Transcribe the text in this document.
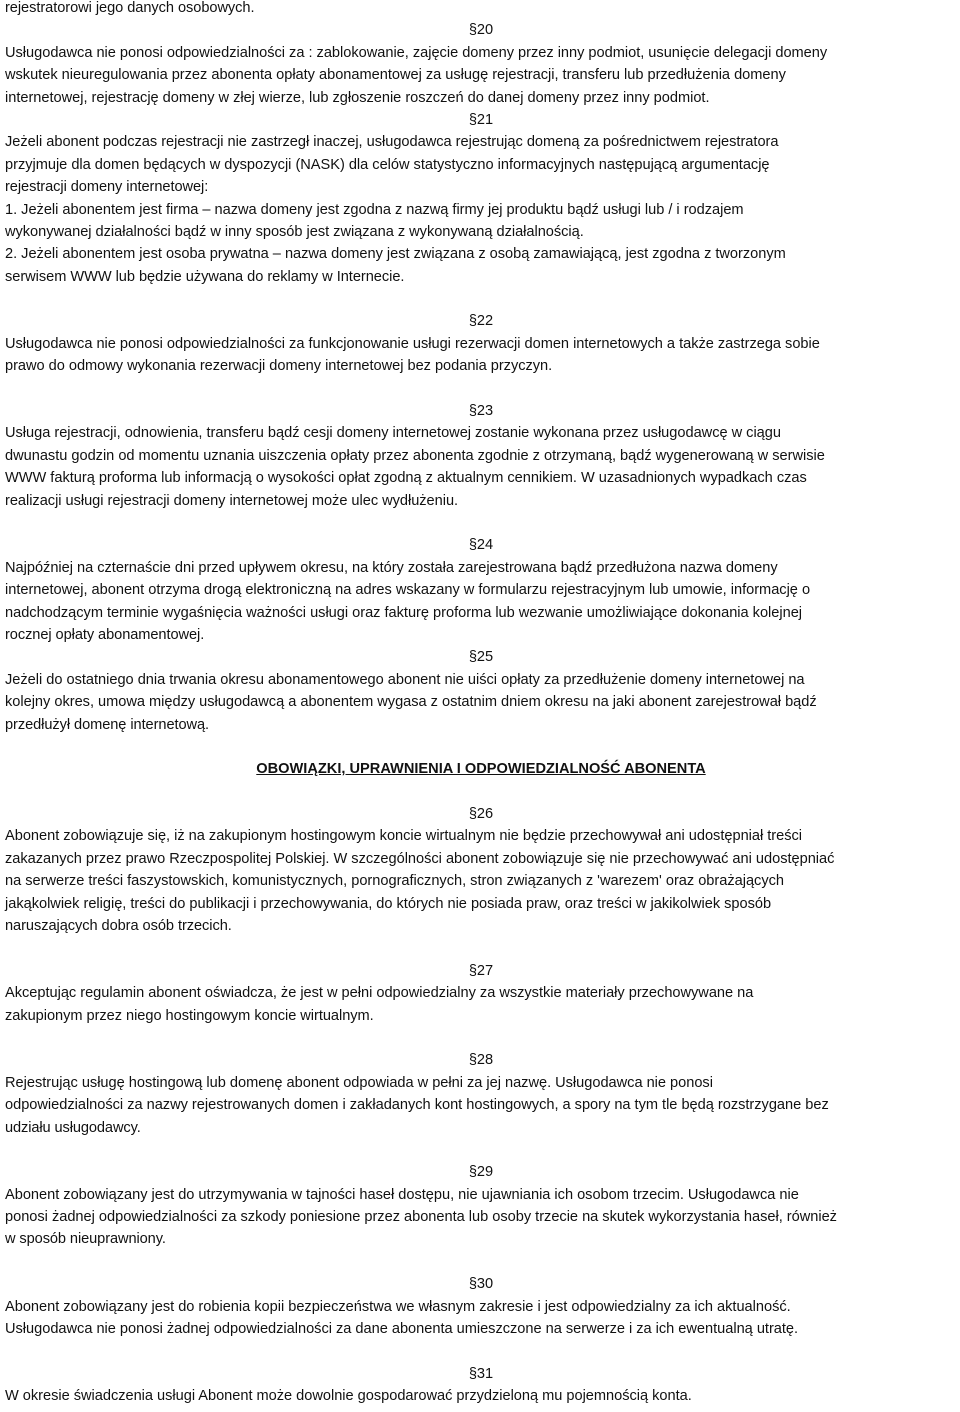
rejestratorowi jego danych osobowych.

§20

Usługodawca nie ponosi odpowiedzialności za : zablokowanie, zajęcie domeny przez inny podmiot, usunięcie delegacji domeny

wskutek nieuregulowania przez abonenta opłaty abonamentowej za usługę rejestracji, transferu lub przedłużenia domeny

internetowej, rejestrację domeny w złej wierze, lub zgłoszenie roszczeń do danej domeny przez inny podmiot.

§21

Jeżeli abonent podczas rejestracji nie zastrzegł inaczej, usługodawca rejestrując domeną za pośrednictwem rejestratora

przyjmuje dla domen będących w dyspozycji (NASK) dla celów statystyczno informacyjnych następującą argumentację

rejestracji domeny internetowej:

1. Jeżeli abonentem jest firma – nazwa domeny jest zgodna z nazwą firmy jej produktu bądź usługi lub / i rodzajem

wykonywanej działalności bądź w inny sposób jest związana z wykonywaną działalnością.

2. Jeżeli abonentem jest osoba prywatna – nazwa domeny jest związana z osobą zamawiającą, jest zgodna z tworzonym

serwisem WWW lub będzie używana do reklamy w Internecie.

§22

Usługodawca nie ponosi odpowiedzialności za funkcjonowanie usługi rezerwacji domen internetowych a także zastrzega sobie

prawo do odmowy wykonania rezerwacji domeny internetowej bez podania przyczyn.

§23

Usługa rejestracji, odnowienia, transferu bądź cesji domeny internetowej zostanie wykonana przez usługodawcę w ciągu

dwunastu godzin od momentu uznania uiszczenia opłaty przez abonenta zgodnie z otrzymaną, bądź wygenerowaną w serwisie

WWW fakturą proforma lub informacją o wysokości opłat zgodną z aktualnym cennikiem. W uzasadnionych wypadkach czas

realizacji usługi rejestracji domeny internetowej może ulec wydłużeniu.

§24

Najpóźniej na czternaście dni przed upływem okresu, na który została zarejestrowana bądź przedłużona nazwa domeny

internetowej, abonent otrzyma drogą elektroniczną na adres wskazany w formularzu rejestracyjnym lub umowie, informację o

nadchodzącym terminie wygaśnięcia ważności usługi oraz fakturę proforma lub wezwanie umożliwiające dokonania kolejnej

rocznej opłaty abonamentowej.

§25

Jeżeli do ostatniego dnia trwania okresu abonamentowego abonent nie uiści opłaty za przedłużenie domeny internetowej na

kolejny okres, umowa między usługodawcą a abonentem wygasa z ostatnim dniem okresu na jaki abonent zarejestrował bądź

przedłużył domenę internetową.

OBOWIĄZKI, UPRAWNIENIA I ODPOWIEDZIALNOŚĆ ABONENTA

§26

Abonent zobowiązuje się, iż na zakupionym hostingowym koncie wirtualnym nie będzie przechowywał ani udostępniał treści

zakazanych przez prawo Rzeczpospolitej Polskiej. W szczególności abonent zobowiązuje się nie przechowywać ani udostępniać

na serwerze treści faszystowskich, komunistycznych, pornograficznych, stron związanych z 'warezem' oraz obrażających

jakąkolwiek religię, treści do publikacji i przechowywania, do których nie posiada praw, oraz treści w jakikolwiek sposób

naruszających dobra osób trzecich.

§27

Akceptując regulamin abonent oświadcza, że jest w pełni odpowiedzialny za wszystkie materiały przechowywane na

zakupionym przez niego hostingowym koncie wirtualnym.

§28

Rejestrując usługę hostingową lub domenę abonent odpowiada w pełni za jej nazwę. Usługodawca nie ponosi

odpowiedzialności za nazwy rejestrowanych domen i zakładanych kont hostingowych, a spory na tym tle będą rozstrzygane bez

udziału usługodawcy.

§29

Abonent zobowiązany jest do utrzymywania w tajności haseł dostępu, nie ujawniania ich osobom trzecim. Usługodawca nie

ponosi żadnej odpowiedzialności za szkody poniesione przez abonenta lub osoby trzecie na skutek wykorzystania haseł, również

w sposób nieuprawniony.

§30

Abonent zobowiązany jest do robienia kopii bezpieczeństwa we własnym zakresie i jest odpowiedzialny za ich aktualność.

Usługodawca nie ponosi żadnej odpowiedzialności za dane abonenta umieszczone na serwerze i za ich ewentualną utratę.

§31

W okresie świadczenia usługi Abonent może dowolnie gospodarować przydzieloną mu pojemnością konta.
